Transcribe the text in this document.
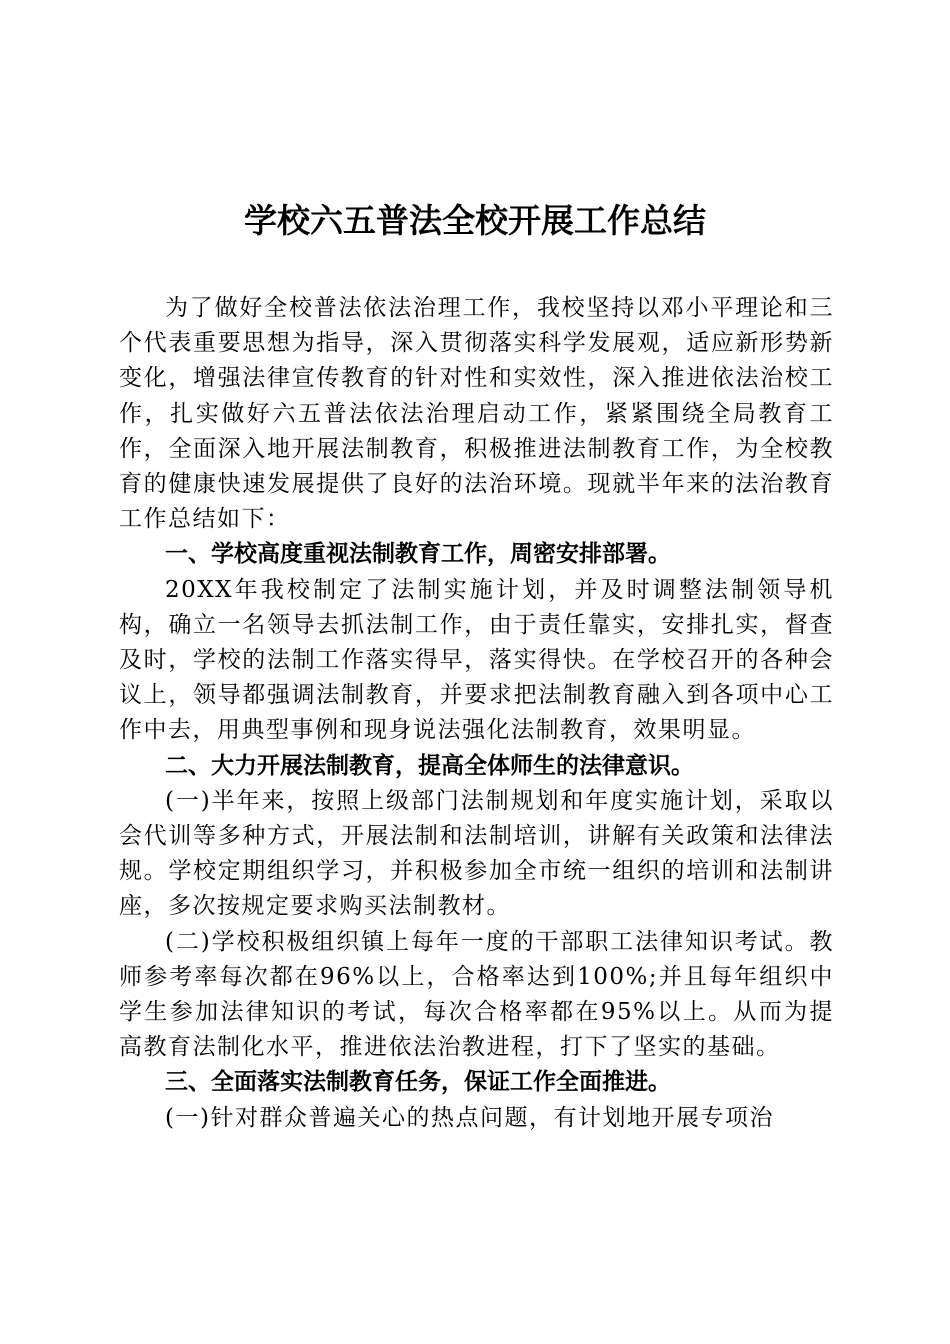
学校六五普法全校开展工作总结

为了做好全校普法依法治理工作，我校坚持以邓小平理论和三个代表重要思想为指导，深入贯彻落实科学发展观，适应新形势新变化，增强法律宣传教育的针对性和实效性，深入推进依法治校工作，扎实做好六五普法依法治理启动工作，紧紧围绕全局教育工作，全面深入地开展法制教育，积极推进法制教育工作，为全校教育的健康快速发展提供了良好的法治环境。现就半年来的法治教育工作总结如下：

一、学校高度重视法制教育工作，周密安排部署。

20XX年我校制定了法制实施计划，并及时调整法制领导机构，确立一名领导去抓法制工作，由于责任靠实，安排扎实，督查及时，学校的法制工作落实得早，落实得快。在学校召开的各种会议上，领导都强调法制教育，并要求把法制教育融入到各项中心工作中去，用典型事例和现身说法强化法制教育，效果明显。

二、大力开展法制教育，提高全体师生的法律意识。

(一)半年来，按照上级部门法制规划和年度实施计划，采取以会代训等多种方式，开展法制和法制培训，讲解有关政策和法律法规。学校定期组织学习，并积极参加全市统一组织的培训和法制讲座，多次按规定要求购买法制教材。

(二)学校积极组织镇上每年一度的干部职工法律知识考试。教师参考率每次都在96%以上，合格率达到100%;并且每年组织中学生参加法律知识的考试，每次合格率都在95%以上。从而为提高教育法制化水平，推进依法治教进程，打下了坚实的基础。

三、全面落实法制教育任务，保证工作全面推进。

(一)针对群众普遍关心的热点问题，有计划地开展专项治
